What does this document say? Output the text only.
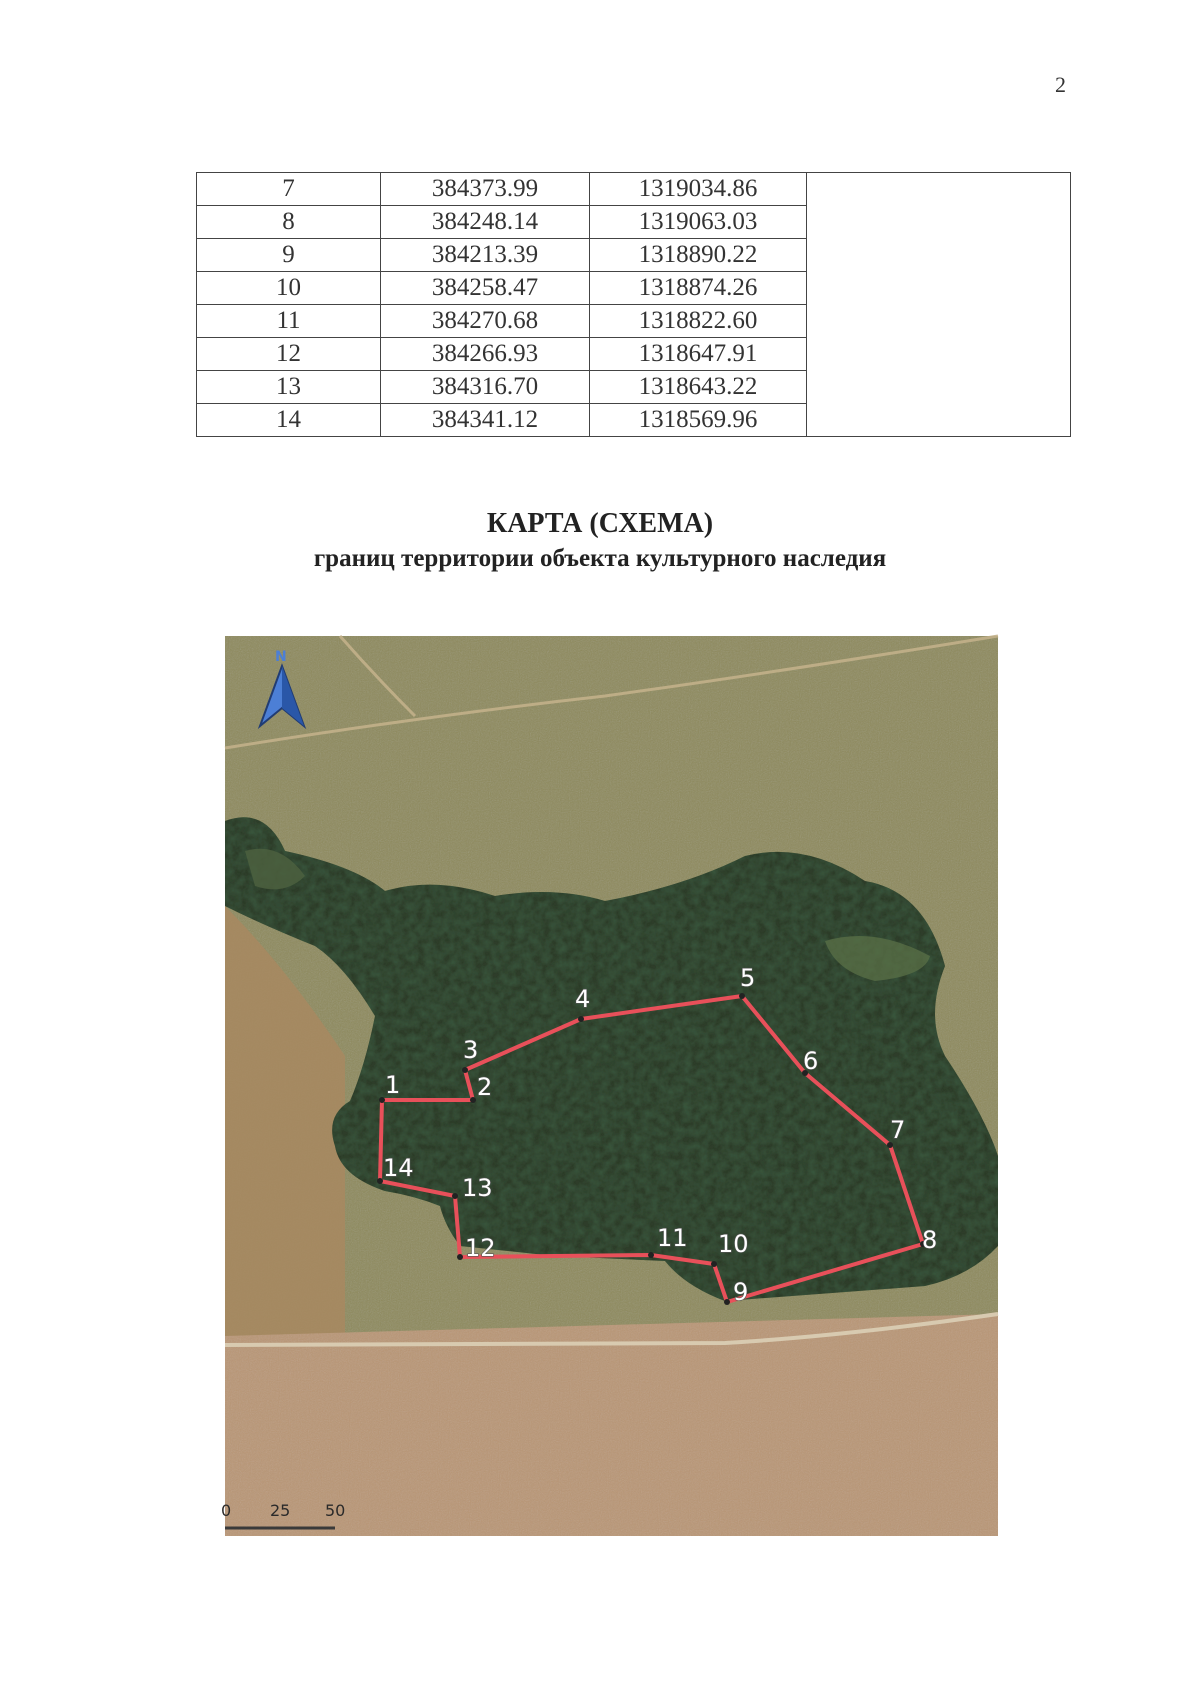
2
7	384373.99	1319034.86	
8	384248.14	1319063.03	
9	384213.39	1318890.22	
10	384258.47	1318874.26	
11	384270.68	1318822.60	
12	384266.93	1318647.91	
13	384316.70	1318643.22	
14	384341.12	1318569.96	
КАРТА (СХЕМА)
границ территории объекта культурного наследия
N
1	2
3
4
5
6
7
8
9
10
11
12
13
14
0 25 50
